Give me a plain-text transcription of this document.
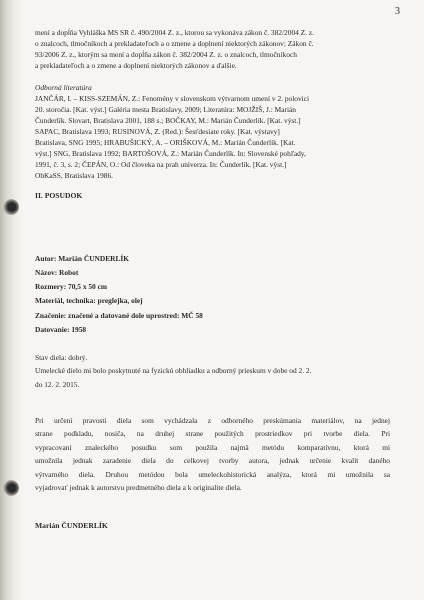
3
mení a dopĺňa Vyhláška MS SR č. 490/2004 Z. z., ktorou sa vykonáva zákon č. 382/2004 Z. z.
o znalcoch, tlmočníkoch a prekladateľoch a o zmene a doplnení niektorých zákonov; Zákon č.
93/2006 Z. z., ktorým sa mení a dopĺňa zákon č. 382/2004 Z. z. o znalcoch, tlmočníkoch
a prekladateľoch a o zmene a doplnení niektorých zákonov a ďalšie.
Odborná literatúra
JANČÁR, I. – KISS-SZEMÁN, Z.: Fenomény v slovenskom výtvarnom umení v 2. polovici
20. storočia. [Kat. výst.] Galéria mesta Bratislavy, 2009; Literatúra: MOJŽIŠ, J.: Marián
Čunderlík. Slovart, Bratislava 2001, 188 s.; BOČKAY, M.: Marián Čunderlík. [Kat. výst.]
SAPAC, Bratislava 1993; RUSINOVÁ, Z. (Red.): Šesťdesiate roky. [Kat. výstavy]
Bratislava, SNG 1995; HRABUŠICKÝ, A. – ORIŠKOVÁ, M.: Marián Čunderlík. [Kat.
výst.] SNG, Bratislava 1992; BARTOŠOVÁ, Z.: Marián Čunderlík. In: Slovenské pohľady,
1991, č. 3, s. 2; ČEPÁN, O.: Od človeka na prah univerza. In: Čunderlík. [Kat. výst.]
ObKaSS, Bratislava 1986.
II. POSUDOK
Autor: Marián ČUNDERLÍK
Názov: Robot
Rozmery: 70,5 x 50 cm
Materiál, technika: preglejka, olej
Značenie: značené a datované dole uprostred: MČ 58
Datovanie: 1958
Stav diela: dobrý.
Umelecké dielo mi bolo poskytnuté na fyzickú obhliadku a odborný prieskum v dobe od 2. 2.
do 12. 2. 2015.
Pri určení pravosti diela som vychádzala z odborného preskúmania materiálov, na jednej
strane podkladu, nosiča, na druhej strane použitých prostriedkov pri tvorbe diela. Pri
vypracovaní znaleckého posudku som použila najmä metódu komparatívnu, ktorá mi
umožnila jednak zaradenie diela do celkovej tvorby autora, jednak určenie kvalít daného
výtvarného diela. Druhou metódou bola umeleckohistorická analýza, ktorá mi umožnila sa
vyjadrovať jednak k autorstvu predmetného diela a k originalite diela.
Marián ČUNDERLÍK
